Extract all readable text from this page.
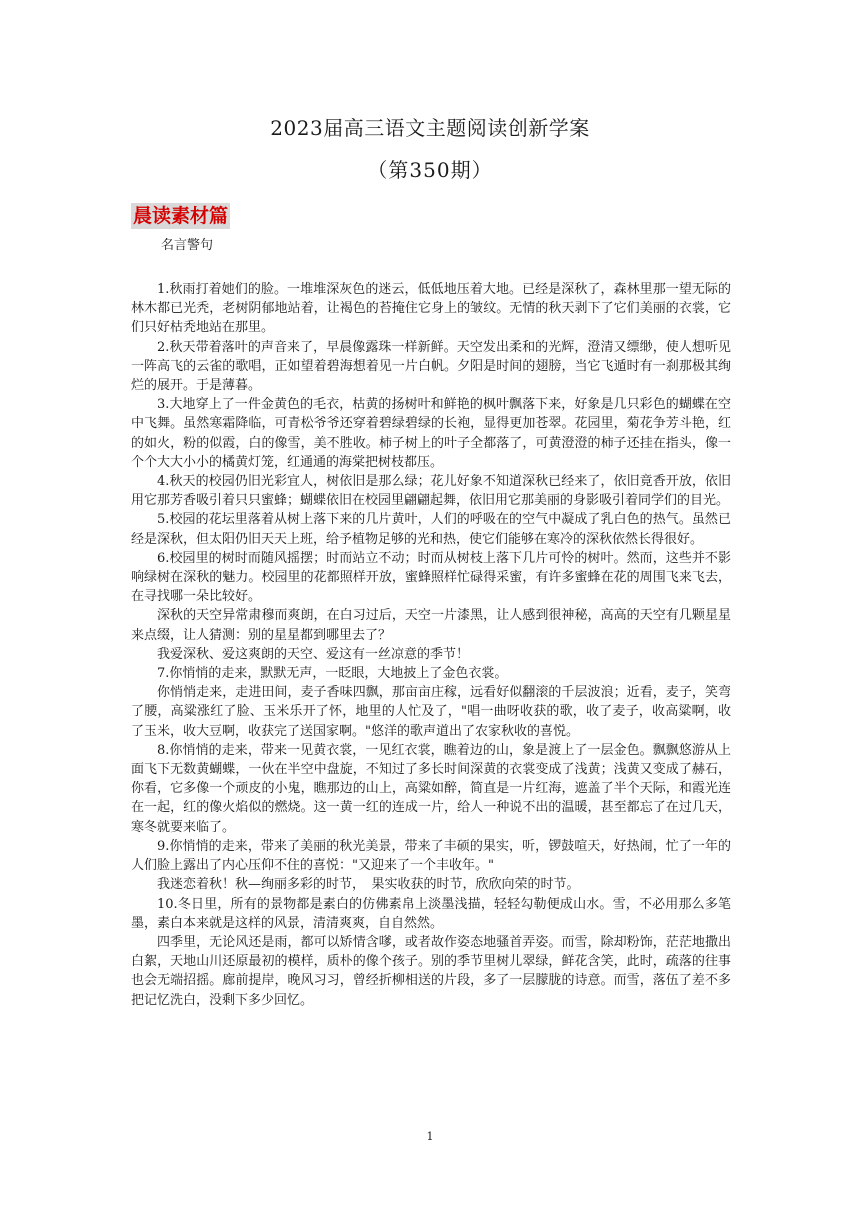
2023届高三语文主题阅读创新学案
（第350期）
晨读素材篇
名言警句

1.秋雨打着她们的脸。一堆堆深灰色的迷云，低低地压着大地。已经是深秋了，森林里那一望无际的林木都已光秃，老树阴郁地站着，让褐色的苔掩住它身上的皱纹。无情的秋天剥下了它们美丽的衣裳，它们只好枯秃地站在那里。

2.秋天带着落叶的声音来了，早晨像露珠一样新鲜。天空发出柔和的光辉，澄清又缥缈，使人想听见一阵高飞的云雀的歌唱，正如望着碧海想着见一片白帆。夕阳是时间的翅膀，当它飞遁时有一刹那极其绚烂的展开。于是薄暮。

3.大地穿上了一件金黄色的毛衣，枯黄的扬树叶和鲜艳的枫叶飘落下来，好象是几只彩色的蝴蝶在空中飞舞。虽然寒霜降临，可青松爷爷还穿着碧绿碧绿的长袍，显得更加苍翠。花园里，菊花争芳斗艳，红的如火，粉的似霞，白的像雪，美不胜收。柿子树上的叶子全都落了，可黄澄澄的柿子还挂在指头，像一个个大大小小的橘黄灯笼，红通通的海棠把树枝都压。

4.秋天的校园仍旧光彩宜人，树依旧是那么绿；花儿好象不知道深秋已经来了，依旧竟香开放，依旧用它那芳香吸引着只只蜜蜂；蝴蝶依旧在校园里翩翩起舞，依旧用它那美丽的身影吸引着同学们的目光。

5.校园的花坛里落着从树上落下来的几片黄叶，人们的呼吸在的空气中凝成了乳白色的热气。虽然已经是深秋，但太阳仍旧天天上班，给予植物足够的光和热，使它们能够在寒冷的深秋依然长得很好。

6.校园里的树时而随风摇摆；时而站立不动；时而从树枝上落下几片可怜的树叶。然而，这些并不影响绿树在深秋的魅力。校园里的花都照样开放，蜜蜂照样忙碌得采蜜，有许多蜜蜂在花的周围飞来飞去，在寻找哪一朵比较好。

深秋的天空异常肃穆而爽朗，在白习过后，天空一片漆黑，让人感到很神秘，高高的天空有几颗星星来点缀，让人猜测：别的星星都到哪里去了？

我爱深秋、爱这爽朗的天空、爱这有一丝凉意的季节！

7.你悄悄的走来，默默无声，一眨眼，大地披上了金色衣裳。

你悄悄走来，走进田间，麦子香味四飘，那亩亩庄稼，远看好似翻滚的千层波浪；近看，麦子，笑弯了腰，高粱涨红了脸、玉米乐开了怀，地里的人忙及了，"唱一曲呀收获的歌，收了麦子，收高粱啊，收了玉米，收大豆啊，收获完了送国家啊。"悠洋的歌声道出了农家秋收的喜悦。

8.你悄悄的走来，带来一见黄衣裳，一见红衣裳，瞧着边的山，象是渡上了一层金色。飘飘悠游从上面飞下无数黄蝴蝶，一伙在半空中盘旋，不知过了多长时间深黄的衣裳变成了浅黄；浅黄又变成了赫石，你看，它多像一个顽皮的小鬼，瞧那边的山上，高粱如醉，简直是一片红海，遮盖了半个天际，和霞光连在一起，红的像火焰似的燃烧。这一黄一红的连成一片，给人一种说不出的温暖，甚至都忘了在过几天，寒冬就要来临了。

9.你悄悄的走来，带来了美丽的秋光美景，带来了丰硕的果实，听，锣鼓喧天，好热闹，忙了一年的人们脸上露出了内心压仰不住的喜悦："又迎来了一个丰收年。"

我迷恋着秋！秋—绚丽多彩的时节，　果实收获的时节，欣欣向荣的时节。

10.冬日里，所有的景物都是素白的仿佛素帛上淡墨浅描，轻轻勾勒便成山水。雪，不必用那么多笔墨，素白本来就是这样的风景，清清爽爽，自自然然。

四季里，无论风还是雨，都可以矫情含嗲，或者故作姿态地骚首弄姿。而雪，除却粉饰，茫茫地撒出白絮，天地山川还原最初的模样，质朴的像个孩子。别的季节里树儿翠绿，鲜花含笑，此时，疏落的往事也会无端招摇。廊前提岸，晚风习习，曾经折柳相送的片段，多了一层朦胧的诗意。而雪，落伍了差不多把记忆洗白，没剩下多少回忆。

1
